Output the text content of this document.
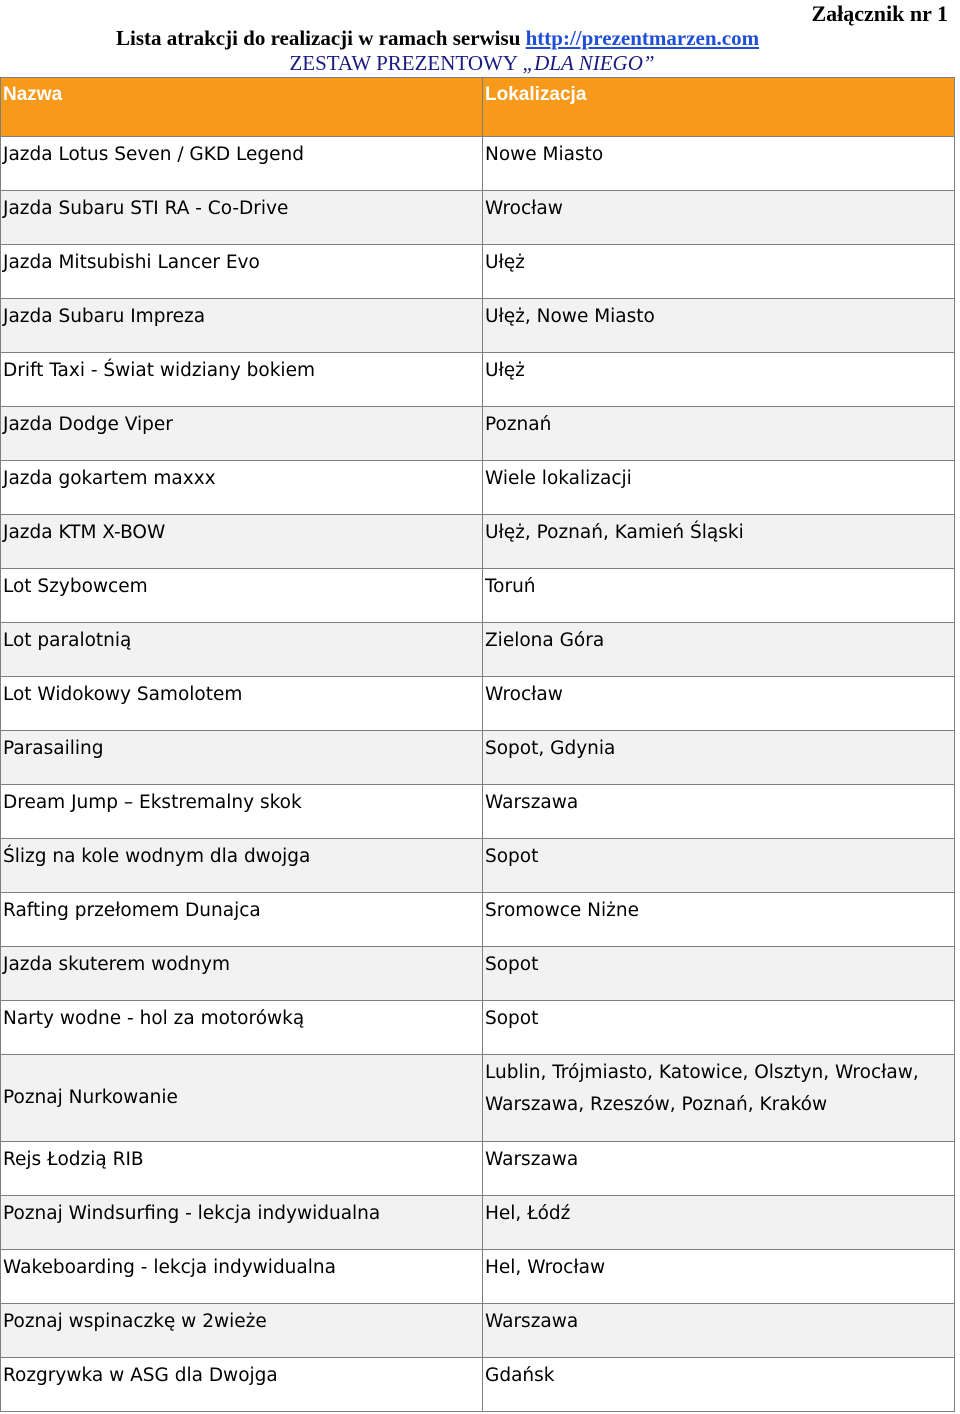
Załącznik nr 1
Lista atrakcji do realizacji w ramach serwisu http://prezentmarzen.com
ZESTAW PREZENTOWY „DLA NIEGO”
Nazwa	Lokalizacja
Jazda Lotus Seven / GKD Legend	Nowe Miasto
Jazda Subaru STI RA - Co-Drive	Wrocław
Jazda Mitsubishi Lancer Evo	Ułęż
Jazda Subaru Impreza	Ułęż, Nowe Miasto
Drift Taxi - Świat widziany bokiem	Ułęż
Jazda Dodge Viper	Poznań
Jazda gokartem maxxx	Wiele lokalizacji
Jazda KTM X-BOW	Ułęż, Poznań, Kamień Śląski
Lot Szybowcem	Toruń
Lot paralotnią	Zielona Góra
Lot Widokowy Samolotem	Wrocław
Parasailing	Sopot, Gdynia
Dream Jump – Ekstremalny skok	Warszawa
Ślizg na kole wodnym dla dwojga	Sopot
Rafting przełomem Dunajca	Sromowce Niżne
Jazda skuterem wodnym	Sopot
Narty wodne - hol za motorówką	Sopot
Poznaj Nurkowanie	Lublin, Trójmiasto, Katowice, Olsztyn, Wrocław, Warszawa, Rzeszów, Poznań, Kraków
Rejs Łodzią RIB	Warszawa
Poznaj Windsurfing - lekcja indywidualna	Hel, Łódź
Wakeboarding - lekcja indywidualna	Hel, Wrocław
Poznaj wspinaczkę w 2wieże	Warszawa
Rozgrywka w ASG dla Dwojga	Gdańsk
